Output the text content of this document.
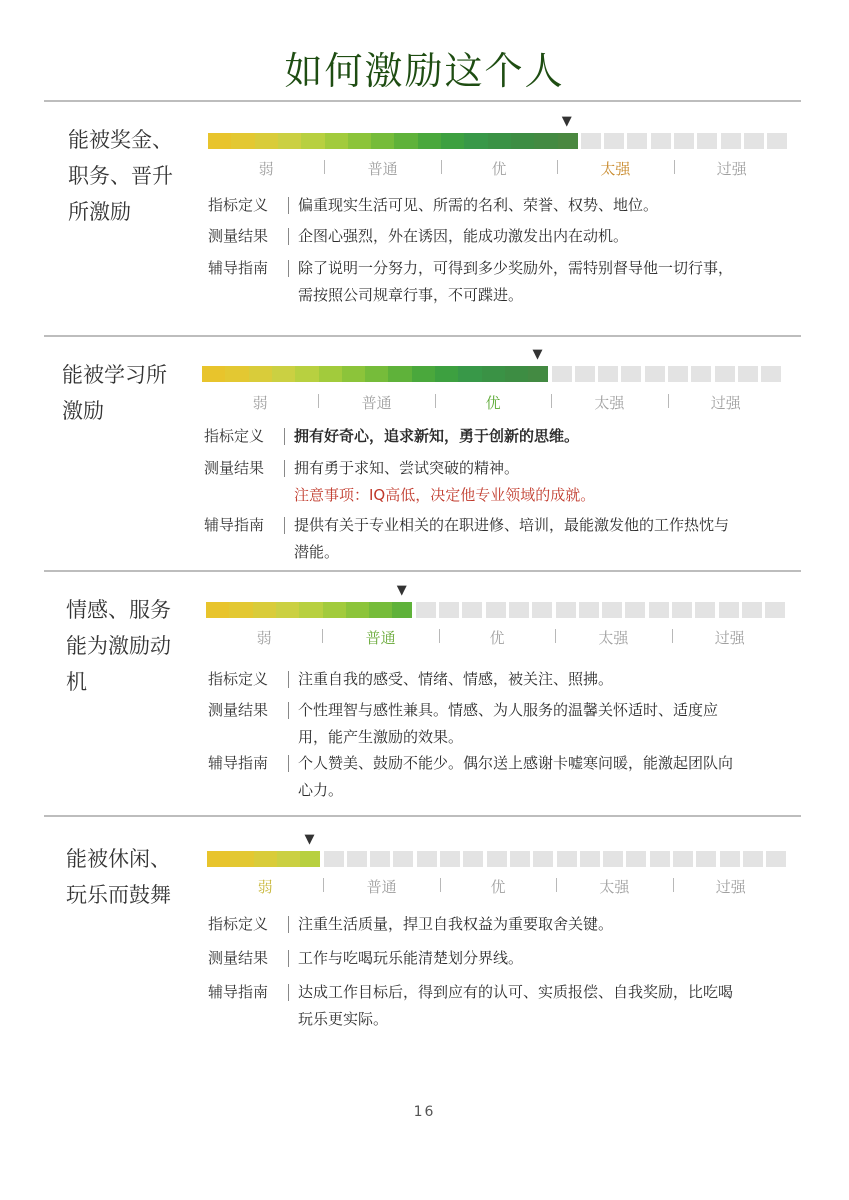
如何激励这个人
能被奖金、
职务、晋升
所激励
▼
弱	普通	优	太强	过强
指标定义	偏重现实生活可见、所需的名利、荣誉、权势、地位。
测量结果	企图心强烈，外在诱因，能成功激发出内在动机。
辅导指南	除了说明一分努力，可得到多少奖励外，需特别督导他一切行事，需按照公司规章行事，不可蹀进。
能被学习所
激励
▼
弱	普通	优	太强	过强
指标定义	拥有好奇心，追求新知，勇于创新的思维。
测量结果	拥有勇于求知、尝试突破的精神。
注意事项：IQ高低，决定他专业领域的成就。
辅导指南	提供有关于专业相关的在职进修、培训，最能激发他的工作热忱与潜能。
情感、服务
能为激励动
机
▼
弱	普通	优	太强	过强
指标定义	注重自我的感受、情绪、情感，被关注、照拂。
测量结果	个性理智与感性兼具。情感、为人服务的温馨关怀适时、适度应用，能产生激励的效果。
辅导指南	个人赞美、鼓励不能少。偶尔送上感谢卡嘘寒问暖，能激起团队向心力。
能被休闲、
玩乐而鼓舞
▼
弱	普通	优	太强	过强
指标定义	注重生活质量，捍卫自我权益为重要取舍关键。
测量结果	工作与吃喝玩乐能清楚划分界线。
辅导指南	达成工作目标后，得到应有的认可、实质报偿、自我奖励，比吃喝玩乐更实际。
16
